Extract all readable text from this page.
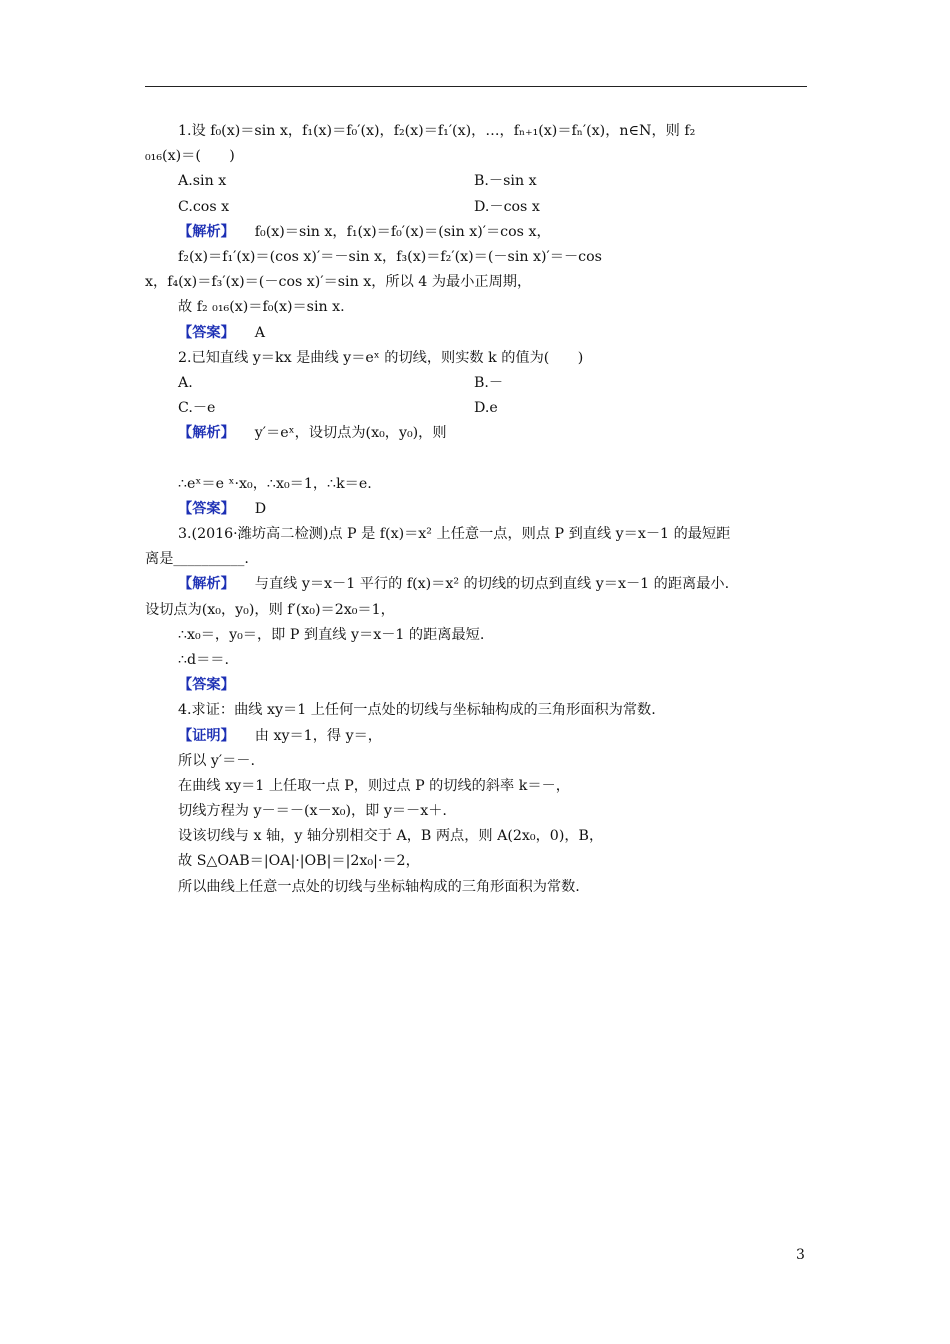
1.设 f₀(x)＝sin x，f₁(x)＝f₀′(x)，f₂(x)＝f₁′(x)，…，fₙ₊₁(x)＝fₙ′(x)，n∈N，则 f₂
₀₁₆(x)＝(　　)
A.sin x	B.－sin x
C.cos x	D.－cos x
【解析】 f₀(x)＝sin x，f₁(x)＝f₀′(x)＝(sin x)′＝cos x，
f₂(x)＝f₁′(x)＝(cos x)′＝－sin x，f₃(x)＝f₂′(x)＝(－sin x)′＝－cos
x，f₄(x)＝f₃′(x)＝(－cos x)′＝sin x，所以 4 为最小正周期，
故 f₂ ₀₁₆(x)＝f₀(x)＝sin x.
【答案】 A
2.已知直线 y＝kx 是曲线 y＝eˣ 的切线，则实数 k 的值为(　　)
A.	B.－
C.－e	D.e
【解析】 y′＝eˣ，设切点为(x₀，y₀)，则
∴eˣ＝e ˣ·x₀，∴x₀＝1，∴k＝e.
【答案】 D
3.(2016·潍坊高二检测)点 P 是 f(x)＝x² 上任意一点，则点 P 到直线 y＝x－1 的最短距
离是__________.
【解析】 与直线 y＝x－1 平行的 f(x)＝x² 的切线的切点到直线 y＝x－1 的距离最小.
设切点为(x₀，y₀)，则 f′(x₀)＝2x₀＝1，
∴x₀＝，y₀＝，即 P 到直线 y＝x－1 的距离最短.
∴d＝＝.
【答案】
4.求证：曲线 xy＝1 上任何一点处的切线与坐标轴构成的三角形面积为常数.
【证明】 由 xy＝1，得 y＝，
所以 y′＝－.
在曲线 xy＝1 上任取一点 P，则过点 P 的切线的斜率 k＝－，
切线方程为 y－＝－(x－x₀)，即 y＝－x＋.
设该切线与 x 轴，y 轴分别相交于 A，B 两点，则 A(2x₀，0)，B，
故 S△OAB＝|OA|·|OB|＝|2x₀|·＝2，
所以曲线上任意一点处的切线与坐标轴构成的三角形面积为常数.
3
